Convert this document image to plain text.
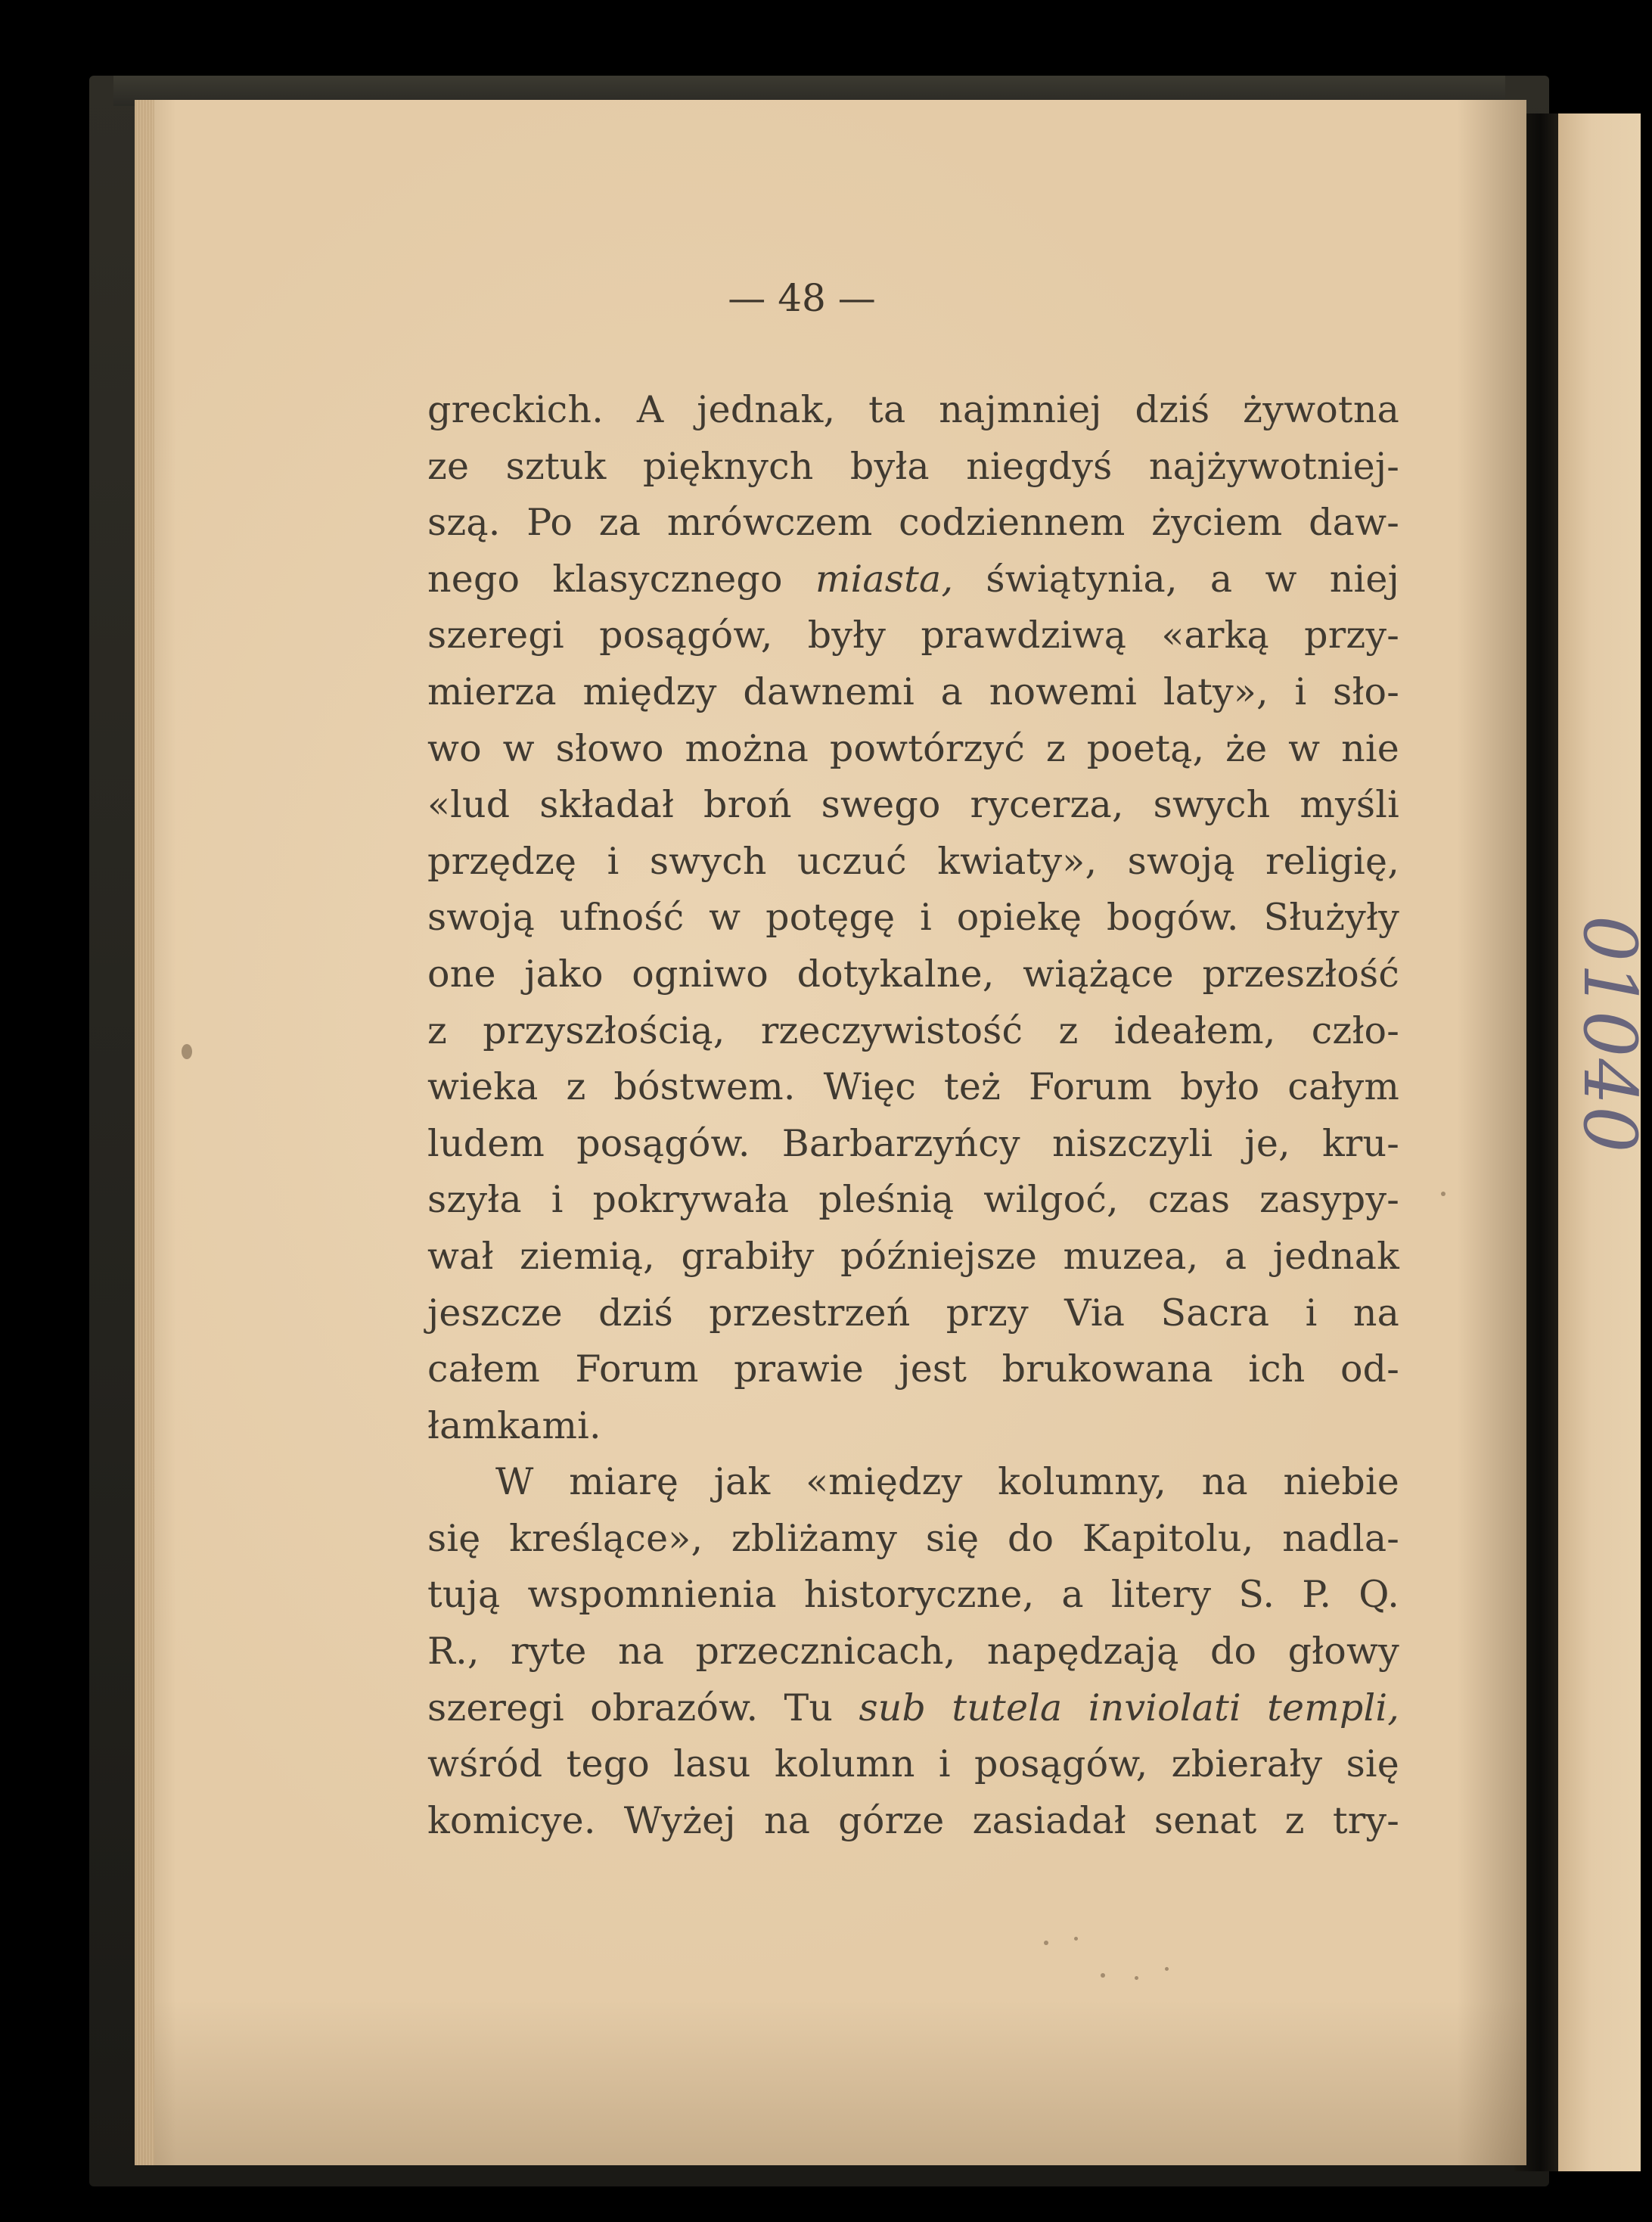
01040
— 48 —
greckich. A jednak, ta najmniej dziś żywotna
ze sztuk pięknych była niegdyś najżywotniej-
szą. Po za mrówczem codziennem życiem daw-
nego klasycznego miasta, świątynia, a w niej
szeregi posągów, były prawdziwą «arką przy-
mierza między dawnemi a nowemi laty», i sło-
wo w słowo można powtórzyć z poetą, że w nie
«lud składał broń swego rycerza, swych myśli
przędzę i swych uczuć kwiaty», swoją religię,
swoją ufność w potęgę i opiekę bogów. Służyły
one jako ogniwo dotykalne, wiążące przeszłość
z przyszłością, rzeczywistość z ideałem, czło-
wieka z bóstwem. Więc też Forum było całym
ludem posągów. Barbarzyńcy niszczyli je, kru-
szyła i pokrywała pleśnią wilgoć, czas zasypy-
wał ziemią, grabiły późniejsze muzea, a jednak
jeszcze dziś przestrzeń przy Via Sacra i na
całem Forum prawie jest brukowana ich od-
łamkami.
W miarę jak «między kolumny, na niebie
się kreślące», zbliżamy się do Kapitolu, nadla-
tują wspomnienia historyczne, a litery S. P. Q.
R., ryte na przecznicach, napędzają do głowy
szeregi obrazów. Tu sub tutela inviolati templi,
wśród tego lasu kolumn i posągów, zbierały się
komicye. Wyżej na górze zasiadał senat z try-
